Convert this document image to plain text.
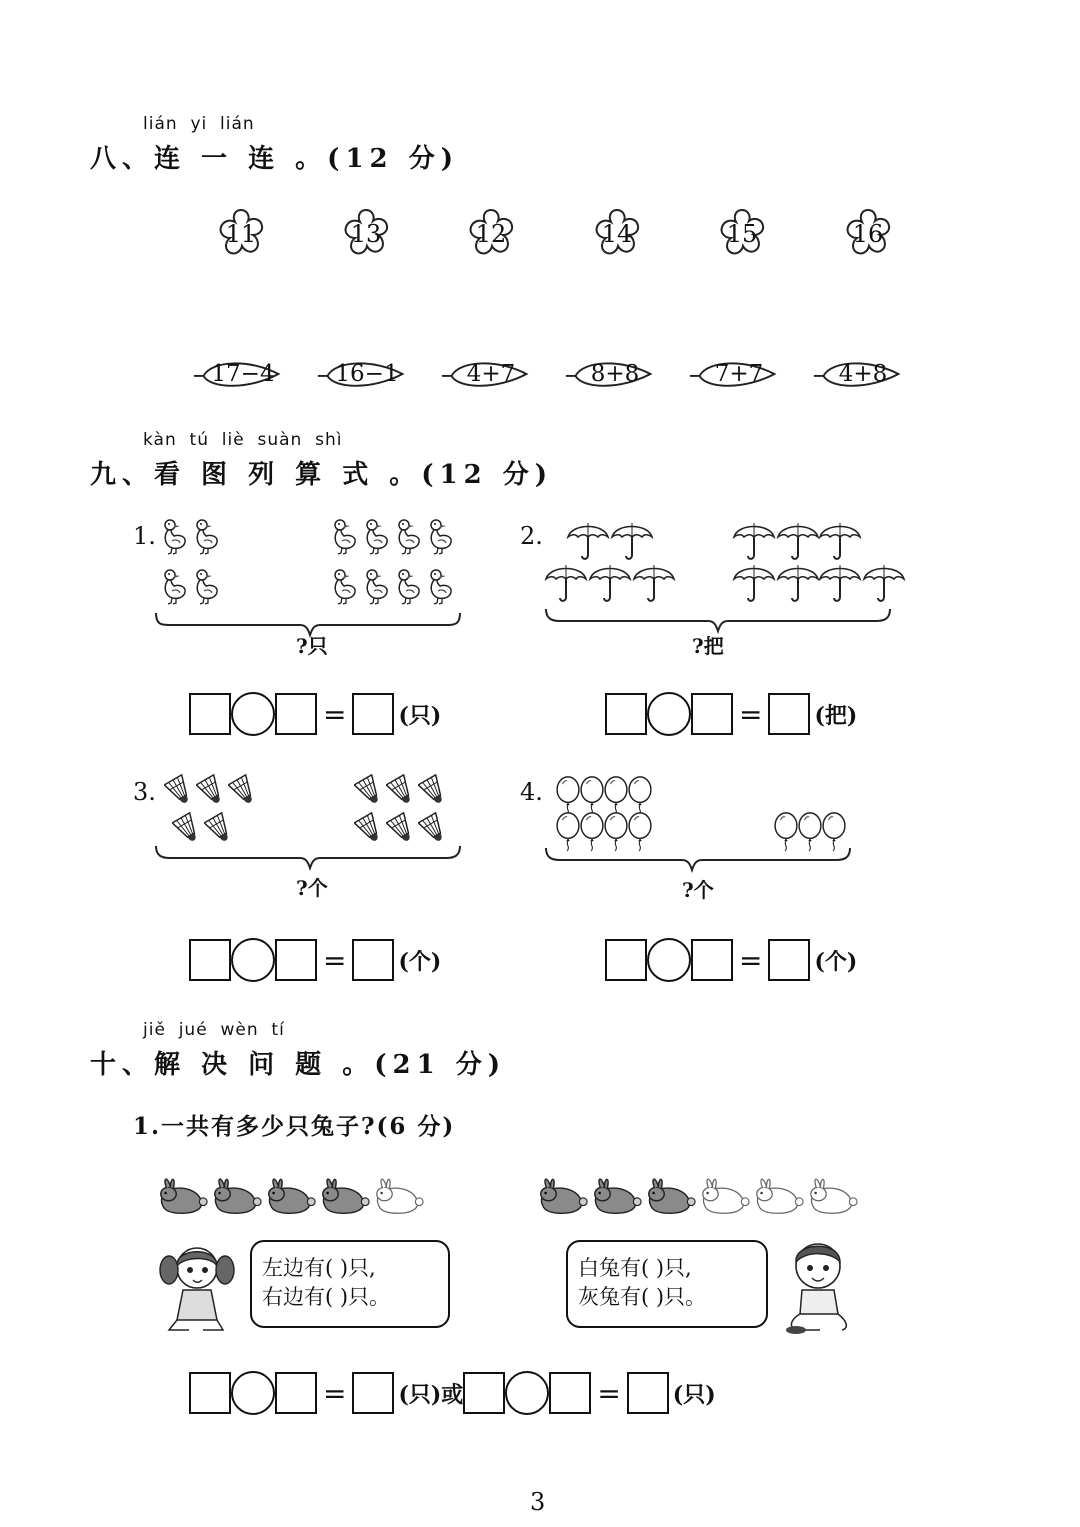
lián  yi  lián
八、连 一 连 。(12 分)
11	13	12	14	15	16
17−4	16−1	4+7	8+8	7+7	4+8
kàn  tú  liè  suàn  shì
九、看 图 列 算 式 。(12 分)
1.
?只
2.
?把
= (只)	= (把)
3.
?个
4.
?个
= (个)	= (个)
jiě  jué  wèn  tí
十、解 决 问 题 。(21 分)
1.一共有多少只兔子?(6 分)
左边有( )只,
右边有( )只。
白兔有( )只,
灰兔有( )只。
= (只) 或	= (只)
3
